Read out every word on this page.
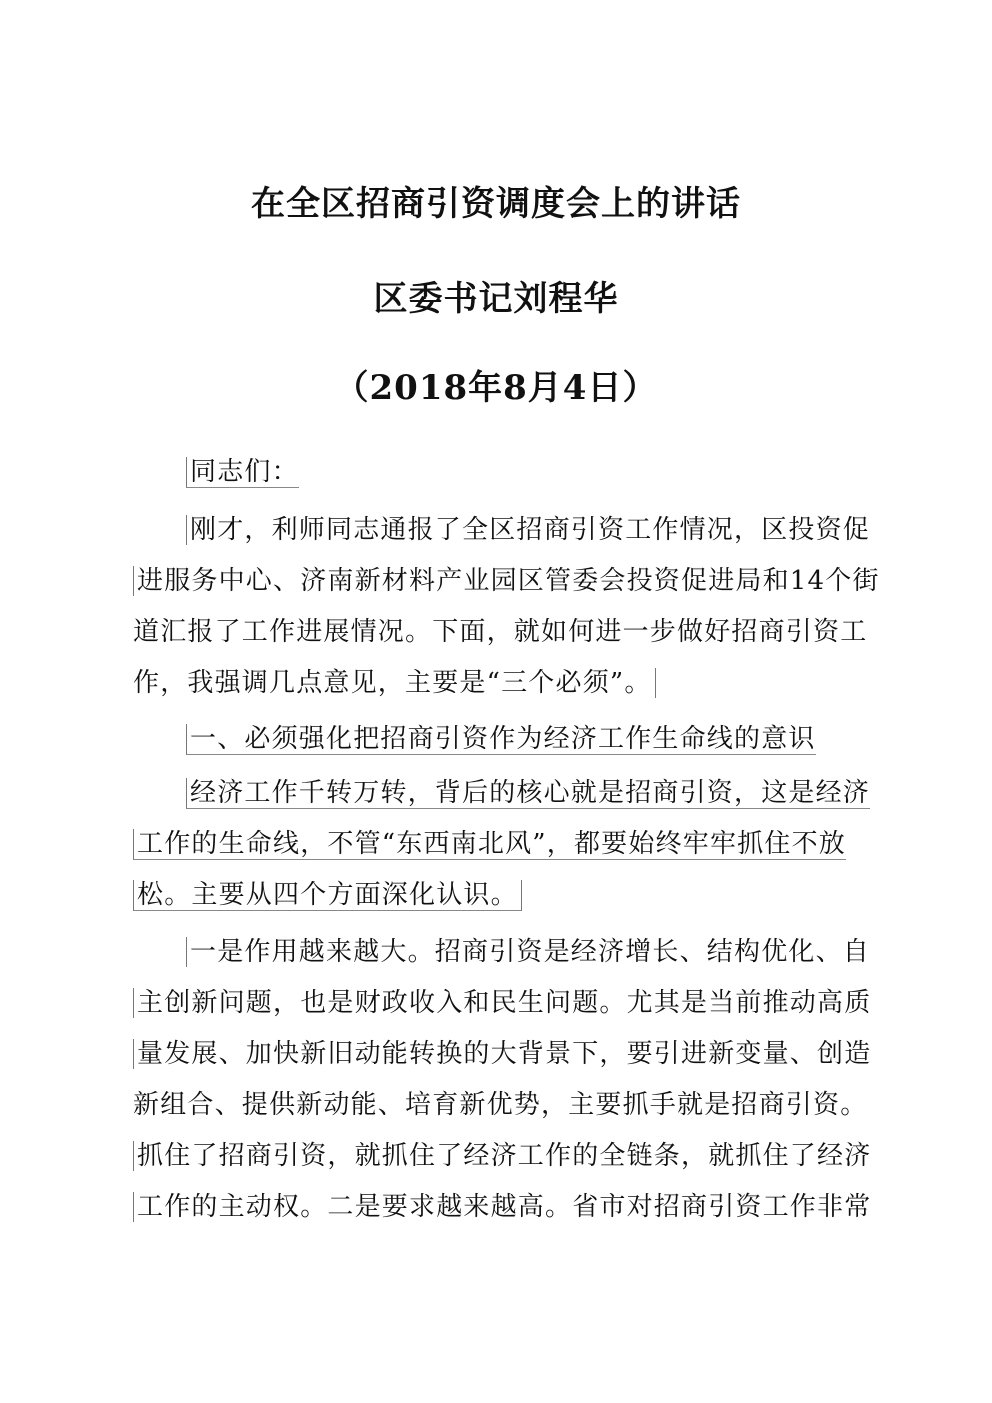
在全区招商引资调度会上的讲话
区委书记刘程华
（2018年8月4日）
同志们：
刚才，利师同志通报了全区招商引资工作情况，区投资促
进服务中心、济南新材料产业园区管委会投资促进局和14个街
道汇报了工作进展情况。下面，就如何进一步做好招商引资工
作，我强调几点意见，主要是“三个必须”。
一、必须强化把招商引资作为经济工作生命线的意识
经济工作千转万转，背后的核心就是招商引资，这是经济
工作的生命线，不管“东西南北风”，都要始终牢牢抓住不放
松。主要从四个方面深化认识。
一是作用越来越大。招商引资是经济增长、结构优化、自
主创新问题，也是财政收入和民生问题。尤其是当前推动高质
量发展、加快新旧动能转换的大背景下，要引进新变量、创造
新组合、提供新动能、培育新优势，主要抓手就是招商引资。
抓住了招商引资，就抓住了经济工作的全链条，就抓住了经济
工作的主动权。二是要求越来越高。省市对招商引资工作非常
